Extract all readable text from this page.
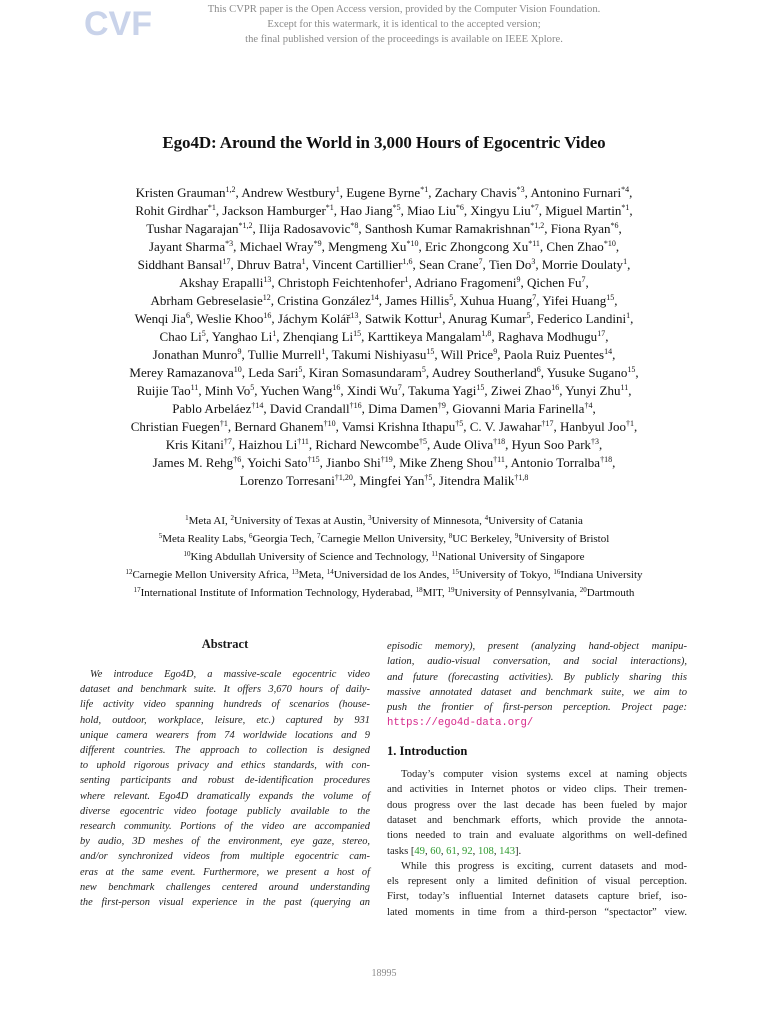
CVF	This CVPR paper is the Open Access version, provided by the Computer Vision Foundation.
Except for this watermark, it is identical to the accepted version;
the final published version of the proceedings is available on IEEE Xplore.
Ego4D: Around the World in 3,000 Hours of Egocentric Video
Kristen Grauman$^{1,2}$, Andrew Westbury$^1$, Eugene Byrne$^{*1}$, Zachary Chavis$^{*3}$, Antonino Furnari$^{*4}$,
Rohit Girdhar$^{*1}$, Jackson Hamburger$^{*1}$, Hao Jiang$^{*5}$, Miao Liu$^{*6}$, Xingyu Liu$^{*7}$, Miguel Martin$^{*1}$,
Tushar Nagarajan$^{*1,2}$, Ilija Radosavovic$^{*8}$, Santhosh Kumar Ramakrishnan$^{*1,2}$, Fiona Ryan$^{*6}$,
Jayant Sharma$^{*3}$, Michael Wray$^{*9}$, Mengmeng Xu$^{*10}$, Eric Zhongcong Xu$^{*11}$, Chen Zhao$^{*10}$,
Siddhant Bansal$^{17}$, Dhruv Batra$^1$, Vincent Cartillier$^{1,6}$, Sean Crane$^7$, Tien Do$^3$, Morrie Doulaty$^1$,
Akshay Erapalli$^{13}$, Christoph Feichtenhofer$^1$, Adriano Fragomeni$^9$, Qichen Fu$^7$,
Abrham Gebreselasie$^{12}$, Cristina González$^{14}$, James Hillis$^5$, Xuhua Huang$^7$, Yifei Huang$^{15}$,
Wenqi Jia$^6$, Weslie Khoo$^{16}$, Jáchym Kolář$^{13}$, Satwik Kottur$^1$, Anurag Kumar$^5$, Federico Landini$^1$,
Chao Li$^5$, Yanghao Li$^1$, Zhenqiang Li$^{15}$, Karttikeya Mangalam$^{1,8}$, Raghava Modhugu$^{17}$,
Jonathan Munro$^9$, Tullie Murrell$^1$, Takumi Nishiyasu$^{15}$, Will Price$^9$, Paola Ruiz Puentes$^{14}$,
Merey Ramazanova$^{10}$, Leda Sari$^5$, Kiran Somasundaram$^5$, Audrey Southerland$^6$, Yusuke Sugano$^{15}$,
Ruijie Tao$^{11}$, Minh Vo$^5$, Yuchen Wang$^{16}$, Xindi Wu$^7$, Takuma Yagi$^{15}$, Ziwei Zhao$^{16}$, Yunyi Zhu$^{11}$,
Pablo Arbeláez$^{\dagger 14}$, David Crandall$^{\dagger 16}$, Dima Damen$^{\dagger 9}$, Giovanni Maria Farinella$^{\dagger 4}$,
Christian Fuegen$^{\dagger 1}$, Bernard Ghanem$^{\dagger 10}$, Vamsi Krishna Ithapu$^{\dagger 5}$, C. V. Jawahar$^{\dagger 17}$, Hanbyul Joo$^{\dagger 1}$,
Kris Kitani$^{\dagger 7}$, Haizhou Li$^{\dagger 11}$, Richard Newcombe$^{\dagger 5}$, Aude Oliva$^{\dagger 18}$, Hyun Soo Park$^{\dagger 3}$,
James M. Rehg$^{\dagger 6}$, Yoichi Sato$^{\dagger 15}$, Jianbo Shi$^{\dagger 19}$, Mike Zheng Shou$^{\dagger 11}$, Antonio Torralba$^{\dagger 18}$,
Lorenzo Torresani$^{\dagger 1,20}$, Mingfei Yan$^{\dagger 5}$, Jitendra Malik$^{\dagger 1,8}$
$^1$Meta AI, $^2$University of Texas at Austin, $^3$University of Minnesota, $^4$University of Catania
$^5$Meta Reality Labs, $^6$Georgia Tech, $^7$Carnegie Mellon University, $^8$UC Berkeley, $^9$University of Bristol
$^{10}$King Abdullah University of Science and Technology, $^{11}$National University of Singapore
$^{12}$Carnegie Mellon University Africa, $^{13}$Meta, $^{14}$Universidad de los Andes, $^{15}$University of Tokyo, $^{16}$Indiana University
$^{17}$International Institute of Information Technology, Hyderabad, $^{18}$MIT, $^{19}$University of Pennsylvania, $^{20}$Dartmouth
Abstract
We introduce Ego4D, a massive-scale egocentric video
dataset and benchmark suite. It offers 3,670 hours of daily-
life activity video spanning hundreds of scenarios (house-
hold, outdoor, workplace, leisure, etc.) captured by 931
unique camera wearers from 74 worldwide locations and 9
different countries. The approach to collection is designed
to uphold rigorous privacy and ethics standards, with con-
senting participants and robust de-identification procedures
where relevant. Ego4D dramatically expands the volume of
diverse egocentric video footage publicly available to the
research community. Portions of the video are accompanied
by audio, 3D meshes of the environment, eye gaze, stereo,
and/or synchronized videos from multiple egocentric cam-
eras at the same event. Furthermore, we present a host of
new benchmark challenges centered around understanding
the first-person visual experience in the past (querying an
episodic memory), present (analyzing hand-object manipu-
lation, audio-visual conversation, and social interactions),
and future (forecasting activities). By publicly sharing this
massive annotated dataset and benchmark suite, we aim to
push the frontier of first-person perception. Project page:
https://ego4d-data.org/
1. Introduction
Today’s computer vision systems excel at naming objects
and activities in Internet photos or video clips. Their tremen-
dous progress over the last decade has been fueled by major
dataset and benchmark efforts, which provide the annota-
tions needed to train and evaluate algorithms on well-defined
tasks [49, 60, 61, 92, 108, 143].
While this progress is exciting, current datasets and mod-
els represent only a limited definition of visual perception.
First, today’s influential Internet datasets capture brief, iso-
lated moments in time from a third-person “spectactor” view.
18995
